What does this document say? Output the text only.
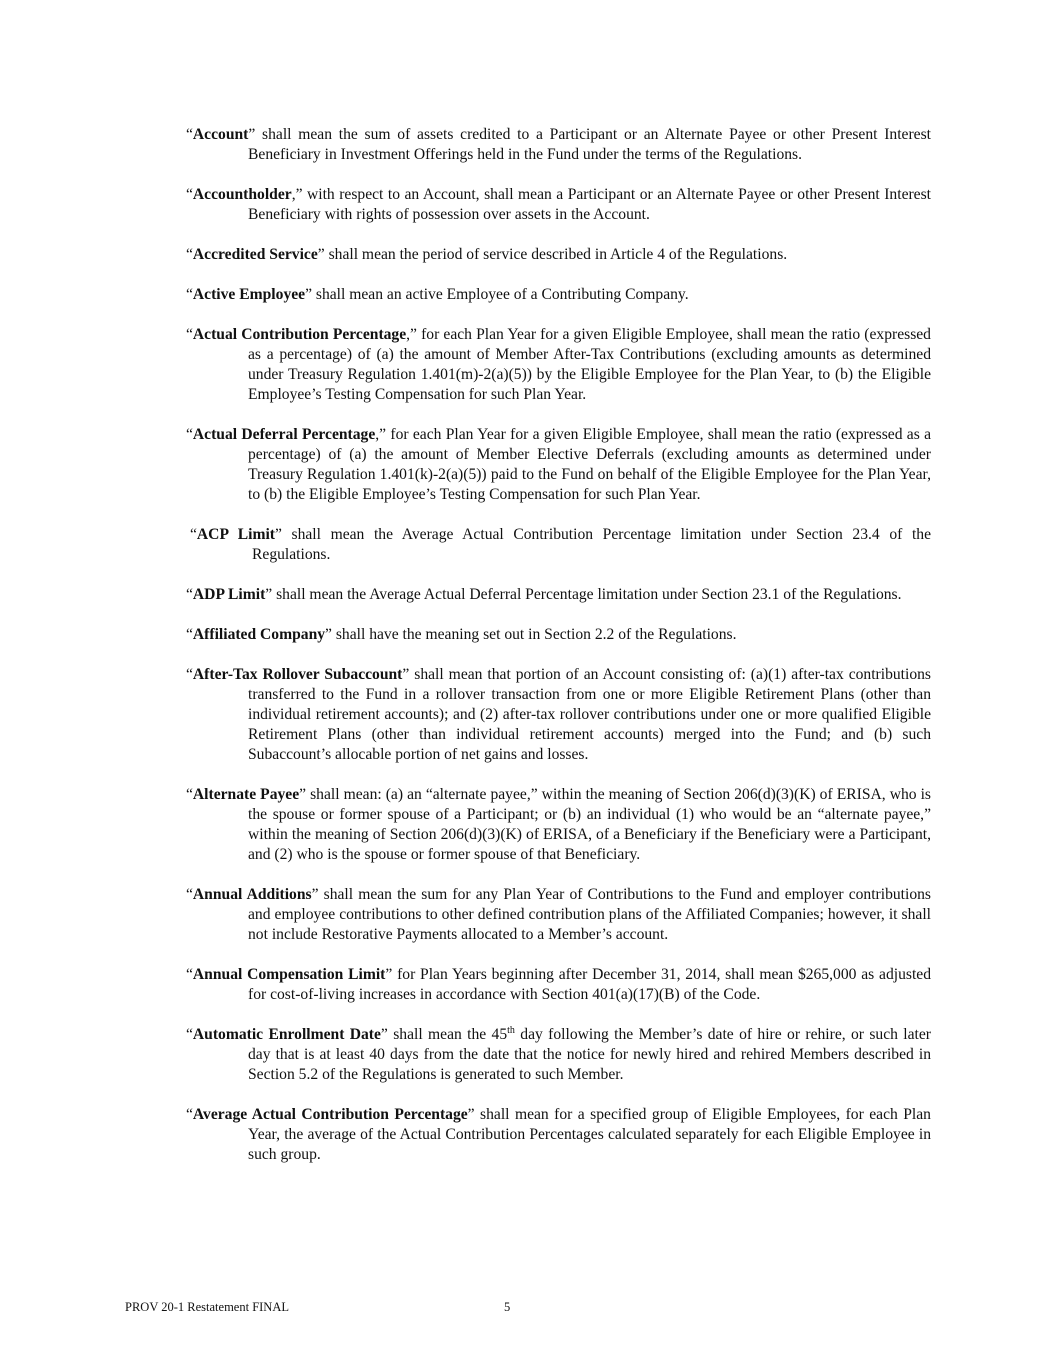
“Account” shall mean the sum of assets credited to a Participant or an Alternate Payee or other Present Interest Beneficiary in Investment Offerings held in the Fund under the terms of the Regulations.

“Accountholder,” with respect to an Account, shall mean a Participant or an Alternate Payee or other Present Interest Beneficiary with rights of possession over assets in the Account.

“Accredited Service” shall mean the period of service described in Article 4 of the Regulations.

“Active Employee” shall mean an active Employee of a Contributing Company.

“Actual Contribution Percentage,” for each Plan Year for a given Eligible Employee, shall mean the ratio (expressed as a percentage) of (a) the amount of Member After-Tax Contributions (excluding amounts as determined under Treasury Regulation 1.401(m)-2(a)(5)) by the Eligible Employee for the Plan Year, to (b) the Eligible Employee’s Testing Compensation for such Plan Year.

“Actual Deferral Percentage,” for each Plan Year for a given Eligible Employee, shall mean the ratio (expressed as a percentage) of (a) the amount of Member Elective Deferrals (excluding amounts as determined under Treasury Regulation 1.401(k)-2(a)(5)) paid to the Fund on behalf of the Eligible Employee for the Plan Year, to (b) the Eligible Employee’s Testing Compensation for such Plan Year.

“ACP Limit” shall mean the Average Actual Contribution Percentage limitation under Section 23.4 of the Regulations.

“ADP Limit” shall mean the Average Actual Deferral Percentage limitation under Section 23.1 of the Regulations.

“Affiliated Company” shall have the meaning set out in Section 2.2 of the Regulations.

“After-Tax Rollover Subaccount” shall mean that portion of an Account consisting of: (a)(1) after-tax contributions transferred to the Fund in a rollover transaction from one or more Eligible Retirement Plans (other than individual retirement accounts); and (2) after-tax rollover contributions under one or more qualified Eligible Retirement Plans (other than individual retirement accounts) merged into the Fund; and (b) such Subaccount’s allocable portion of net gains and losses.

“Alternate Payee” shall mean: (a) an “alternate payee,” within the meaning of Section 206(d)(3)(K) of ERISA, who is the spouse or former spouse of a Participant; or (b) an individual (1) who would be an “alternate payee,” within the meaning of Section 206(d)(3)(K) of ERISA, of a Beneficiary if the Beneficiary were a Participant, and (2) who is the spouse or former spouse of that Beneficiary.

“Annual Additions” shall mean the sum for any Plan Year of Contributions to the Fund and employer contributions and employee contributions to other defined contribution plans of the Affiliated Companies; however, it shall not include Restorative Payments allocated to a Member’s account.

“Annual Compensation Limit” for Plan Years beginning after December 31, 2014, shall mean $265,000 as adjusted for cost-of-living increases in accordance with Section 401(a)(17)(B) of the Code.

“Automatic Enrollment Date” shall mean the 45th day following the Member’s date of hire or rehire, or such later day that is at least 40 days from the date that the notice for newly hired and rehired Members described in Section 5.2 of the Regulations is generated to such Member.

“Average Actual Contribution Percentage” shall mean for a specified group of Eligible Employees, for each Plan Year, the average of the Actual Contribution Percentages calculated separately for each Eligible Employee in such group.

PROV 20-1 Restatement FINAL	5
